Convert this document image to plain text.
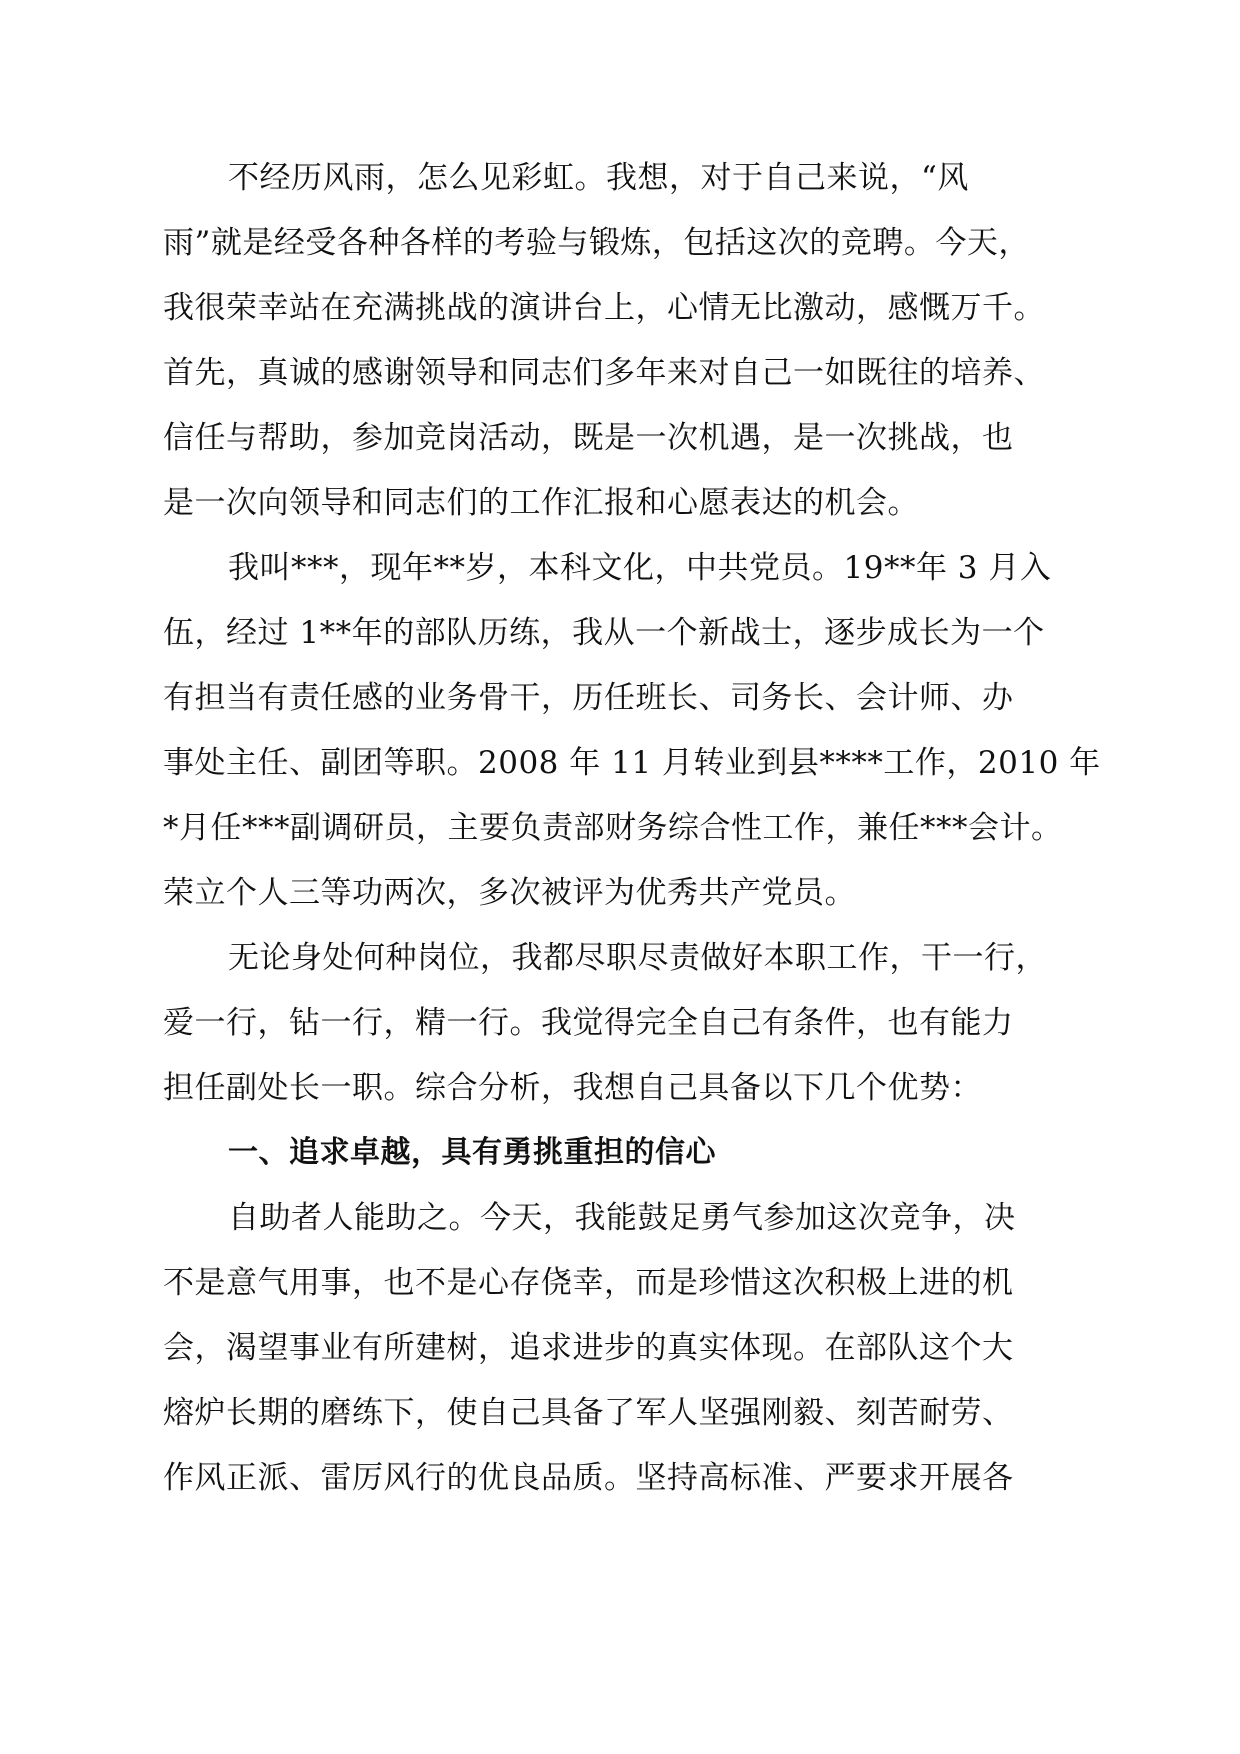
不经历风雨，怎么见彩虹。我想，对于自己来说，“风
雨”就是经受各种各样的考验与锻炼，包括这次的竞聘。今天，
我很荣幸站在充满挑战的演讲台上，心情无比激动，感慨万千。
首先，真诚的感谢领导和同志们多年来对自己一如既往的培养、
信任与帮助，参加竞岗活动，既是一次机遇，是一次挑战，也
是一次向领导和同志们的工作汇报和心愿表达的机会。
我叫***，现年**岁，本科文化，中共党员。19**年 3 月入
伍，经过 1**年的部队历练，我从一个新战士，逐步成长为一个
有担当有责任感的业务骨干，历任班长、司务长、会计师、办
事处主任、副团等职。2008 年 11 月转业到县****工作，2010 年
*月任***副调研员，主要负责部财务综合性工作，兼任***会计。
荣立个人三等功两次，多次被评为优秀共产党员。
无论身处何种岗位，我都尽职尽责做好本职工作，干一行，
爱一行，钻一行，精一行。我觉得完全自己有条件，也有能力
担任副处长一职。综合分析，我想自己具备以下几个优势：
一、追求卓越，具有勇挑重担的信心
自助者人能助之。今天，我能鼓足勇气参加这次竞争，决
不是意气用事，也不是心存侥幸，而是珍惜这次积极上进的机
会，渴望事业有所建树，追求进步的真实体现。在部队这个大
熔炉长期的磨练下，使自己具备了军人坚强刚毅、刻苦耐劳、
作风正派、雷厉风行的优良品质。坚持高标准、严要求开展各
